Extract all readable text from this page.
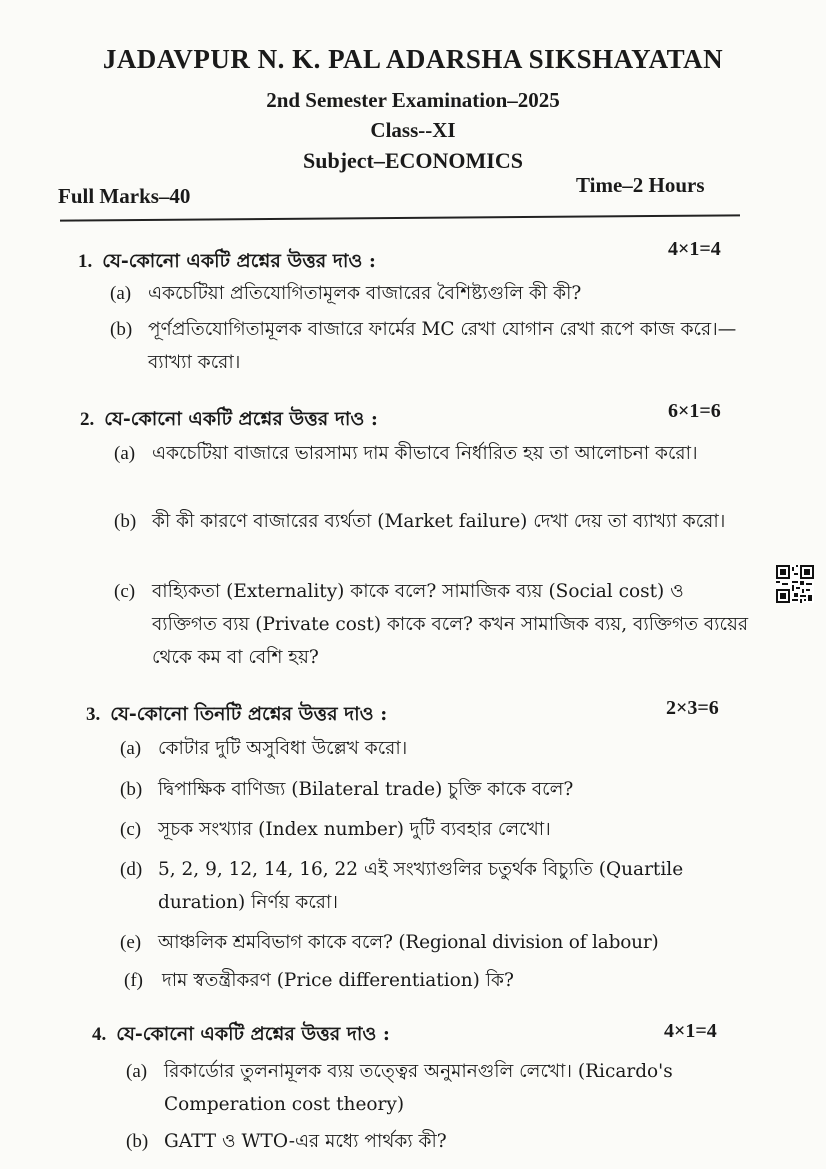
JADAVPUR N. K. PAL ADARSHA SIKSHAYATAN
2nd Semester Examination–2025
Class--XI
Subject–ECONOMICS
Full Marks–40	Time–2 Hours
1. যে-কোনো একটি প্রশ্নের উত্তর দাও :
4×1=4
(a) একচেটিয়া প্রতিযোগিতামূলক বাজারের বৈশিষ্ট্যগুলি কী কী?
(b) পূর্ণপ্রতিযোগিতামূলক বাজারে ফার্মের MC রেখা যোগান রেখা রূপে কাজ করে।—ব্যাখ্যা করো।
2. যে-কোনো একটি প্রশ্নের উত্তর দাও :	6×1=6
(a) একচেটিয়া বাজারে ভারসাম্য দাম কীভাবে নির্ধারিত হয় তা আলোচনা করো।
(b) কী কী কারণে বাজারের ব্যর্থতা (Market failure) দেখা দেয় তা ব্যাখ্যা করো।
(c) বাহ্যিকতা (Externality) কাকে বলে? সামাজিক ব্যয় (Social cost) ও ব্যক্তিগত ব্যয় (Private cost) কাকে বলে? কখন সামাজিক ব্যয়, ব্যক্তিগত ব্যয়ের থেকে কম বা বেশি হয়?
3. যে-কোনো তিনটি প্রশ্নের উত্তর দাও :	2×3=6
(a) কোটার দুটি অসুবিধা উল্লেখ করো।
(b) দ্বিপাক্ষিক বাণিজ্য (Bilateral trade) চুক্তি কাকে বলে?
(c) সূচক সংখ্যার (Index number) দুটি ব্যবহার লেখো।
(d) 5, 2, 9, 12, 14, 16, 22 এই সংখ্যাগুলির চতুর্থক বিচ্যুতি (Quartile duration) নির্ণয় করো।
(e) আঞ্চলিক শ্রমবিভাগ কাকে বলে? (Regional division of labour)
(f) দাম স্বতন্ত্রীকরণ (Price differentiation) কি?
4. যে-কোনো একটি প্রশ্নের উত্তর দাও :	4×1=4
(a) রিকার্ডোর তুলনামূলক ব্যয় তত্ত্বের অনুমানগুলি লেখো। (Ricardo's Comperation cost theory)
(b) GATT ও WTO-এর মধ্যে পার্থক্য কী?
